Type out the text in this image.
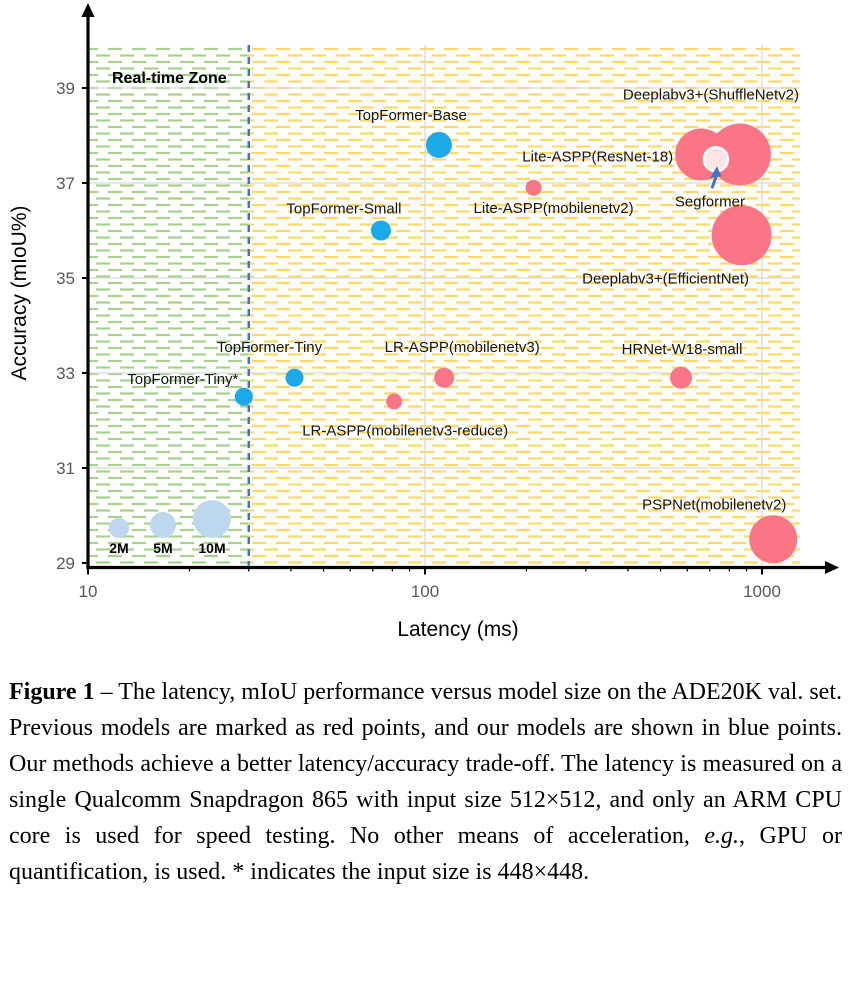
Real-time Zone
2M 5M 10M
TopFormer-Tiny*
TopFormer-Tiny
TopFormer-Small
TopFormer-Base
LR-ASPP(mobilenetv3-reduce)
LR-ASPP(mobilenetv3)
Lite-ASPP(mobilenetv2)
Lite-ASPP(ResNet-18)
Deeplabv3+(ShuffleNetv2)
Deeplabv3+(EfficientNet)
HRNet-W18-small
PSPNet(mobilenetv2)
Segformer
29
31
33
35
37
39
10	100	1000
Latency (ms)
Accuracy (mIoU%)

Figure 1 – The latency, mIoU performance versus model size on the ADE20K val. set. Previous models are marked as red points, and our models are shown in blue points. Our methods achieve a better latency/accuracy trade-off. The latency is measured on a single Qualcomm Snapdragon 865 with input size 512×512, and only an ARM CPU core is used for speed testing. No other means of acceleration, e.g., GPU or quantification, is used. * indicates the input size is 448×448.
